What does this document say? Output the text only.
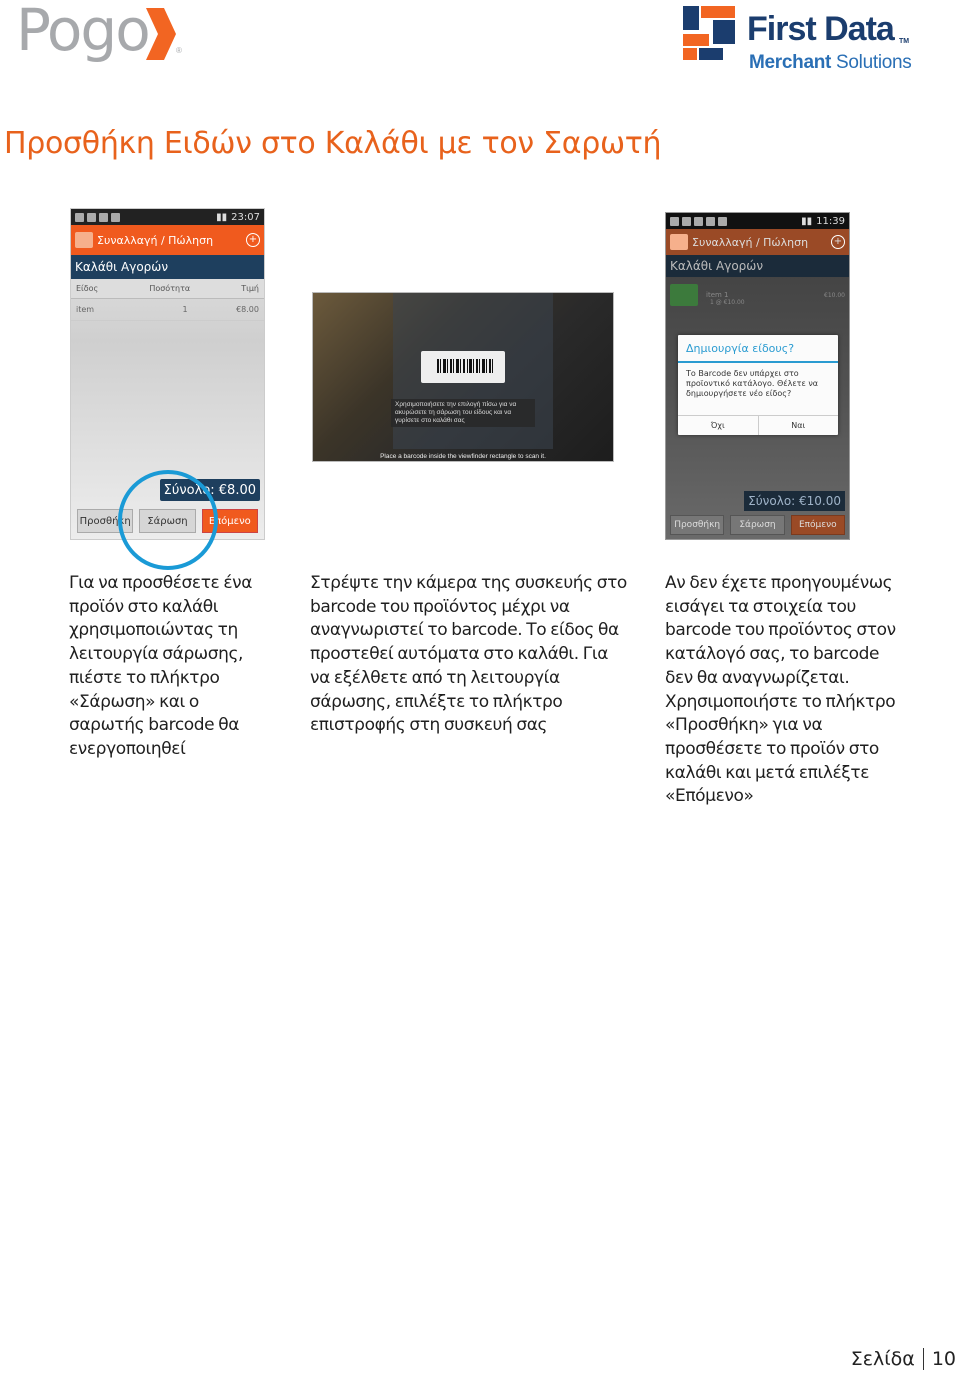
Pogo	®
First Data TM
Merchant Solutions
Προσθήκη Ειδών στο Καλάθι με τον Σαρωτή
▮▮ 23:07
Συναλλαγή / Πώληση	+
Καλάθι Αγορών
Είδος	Ποσότητα	Τιμή
item	1	€8.00
Σύνολο: €8.00
Προσθήκη	Σάρωση	Επόμενο
Χρησιμοποιήσετε την επιλογή πίσω για να ακυρώσετε τη σάρωση του είδους και να γυρίσετε στο καλάθι σας
Place a barcode inside the viewfinder rectangle to scan it.
▮▮ 11:39
Συναλλαγή / Πώληση	+
Καλάθι Αγορών
item 1
1 @ €10.00
€10.00
Δημιουργία είδους?
Το Barcode δεν υπάρχει στο προϊοντικό κατάλογο. Θέλετε να δημιουργήσετε νέο είδος?
Όχι	Ναι
Σύνολο: €10.00
Προσθήκη	Σάρωση	Επόμενο

Για να προσθέσετε ένα προϊόν στο καλάθι χρησιμοποιώντας τη λειτουργία σάρωσης, πιέστε το πλήκτρο «Σάρωση» και ο σαρωτής barcode θα ενεργοποιηθεί

Στρέψτε την κάμερα της συσκευής στο barcode του προϊόντος μέχρι να αναγνωριστεί το barcode. Το είδος θα προστεθεί αυτόματα στο καλάθι. Για να εξέλθετε από τη λειτουργία σάρωσης, επιλέξτε το πλήκτρο επιστροφής στη συσκευή σας

Αν δεν έχετε προηγουμένως εισάγει τα στοιχεία του barcode του προϊόντος στον κατάλογό σας, το barcode δεν θα αναγνωρίζεται. Χρησιμοποιήστε το πλήκτρο «Προσθήκη» για να προσθέσετε το προϊόν στο καλάθι και μετά επιλέξτε «Επόμενο»

Σελίδα 10
